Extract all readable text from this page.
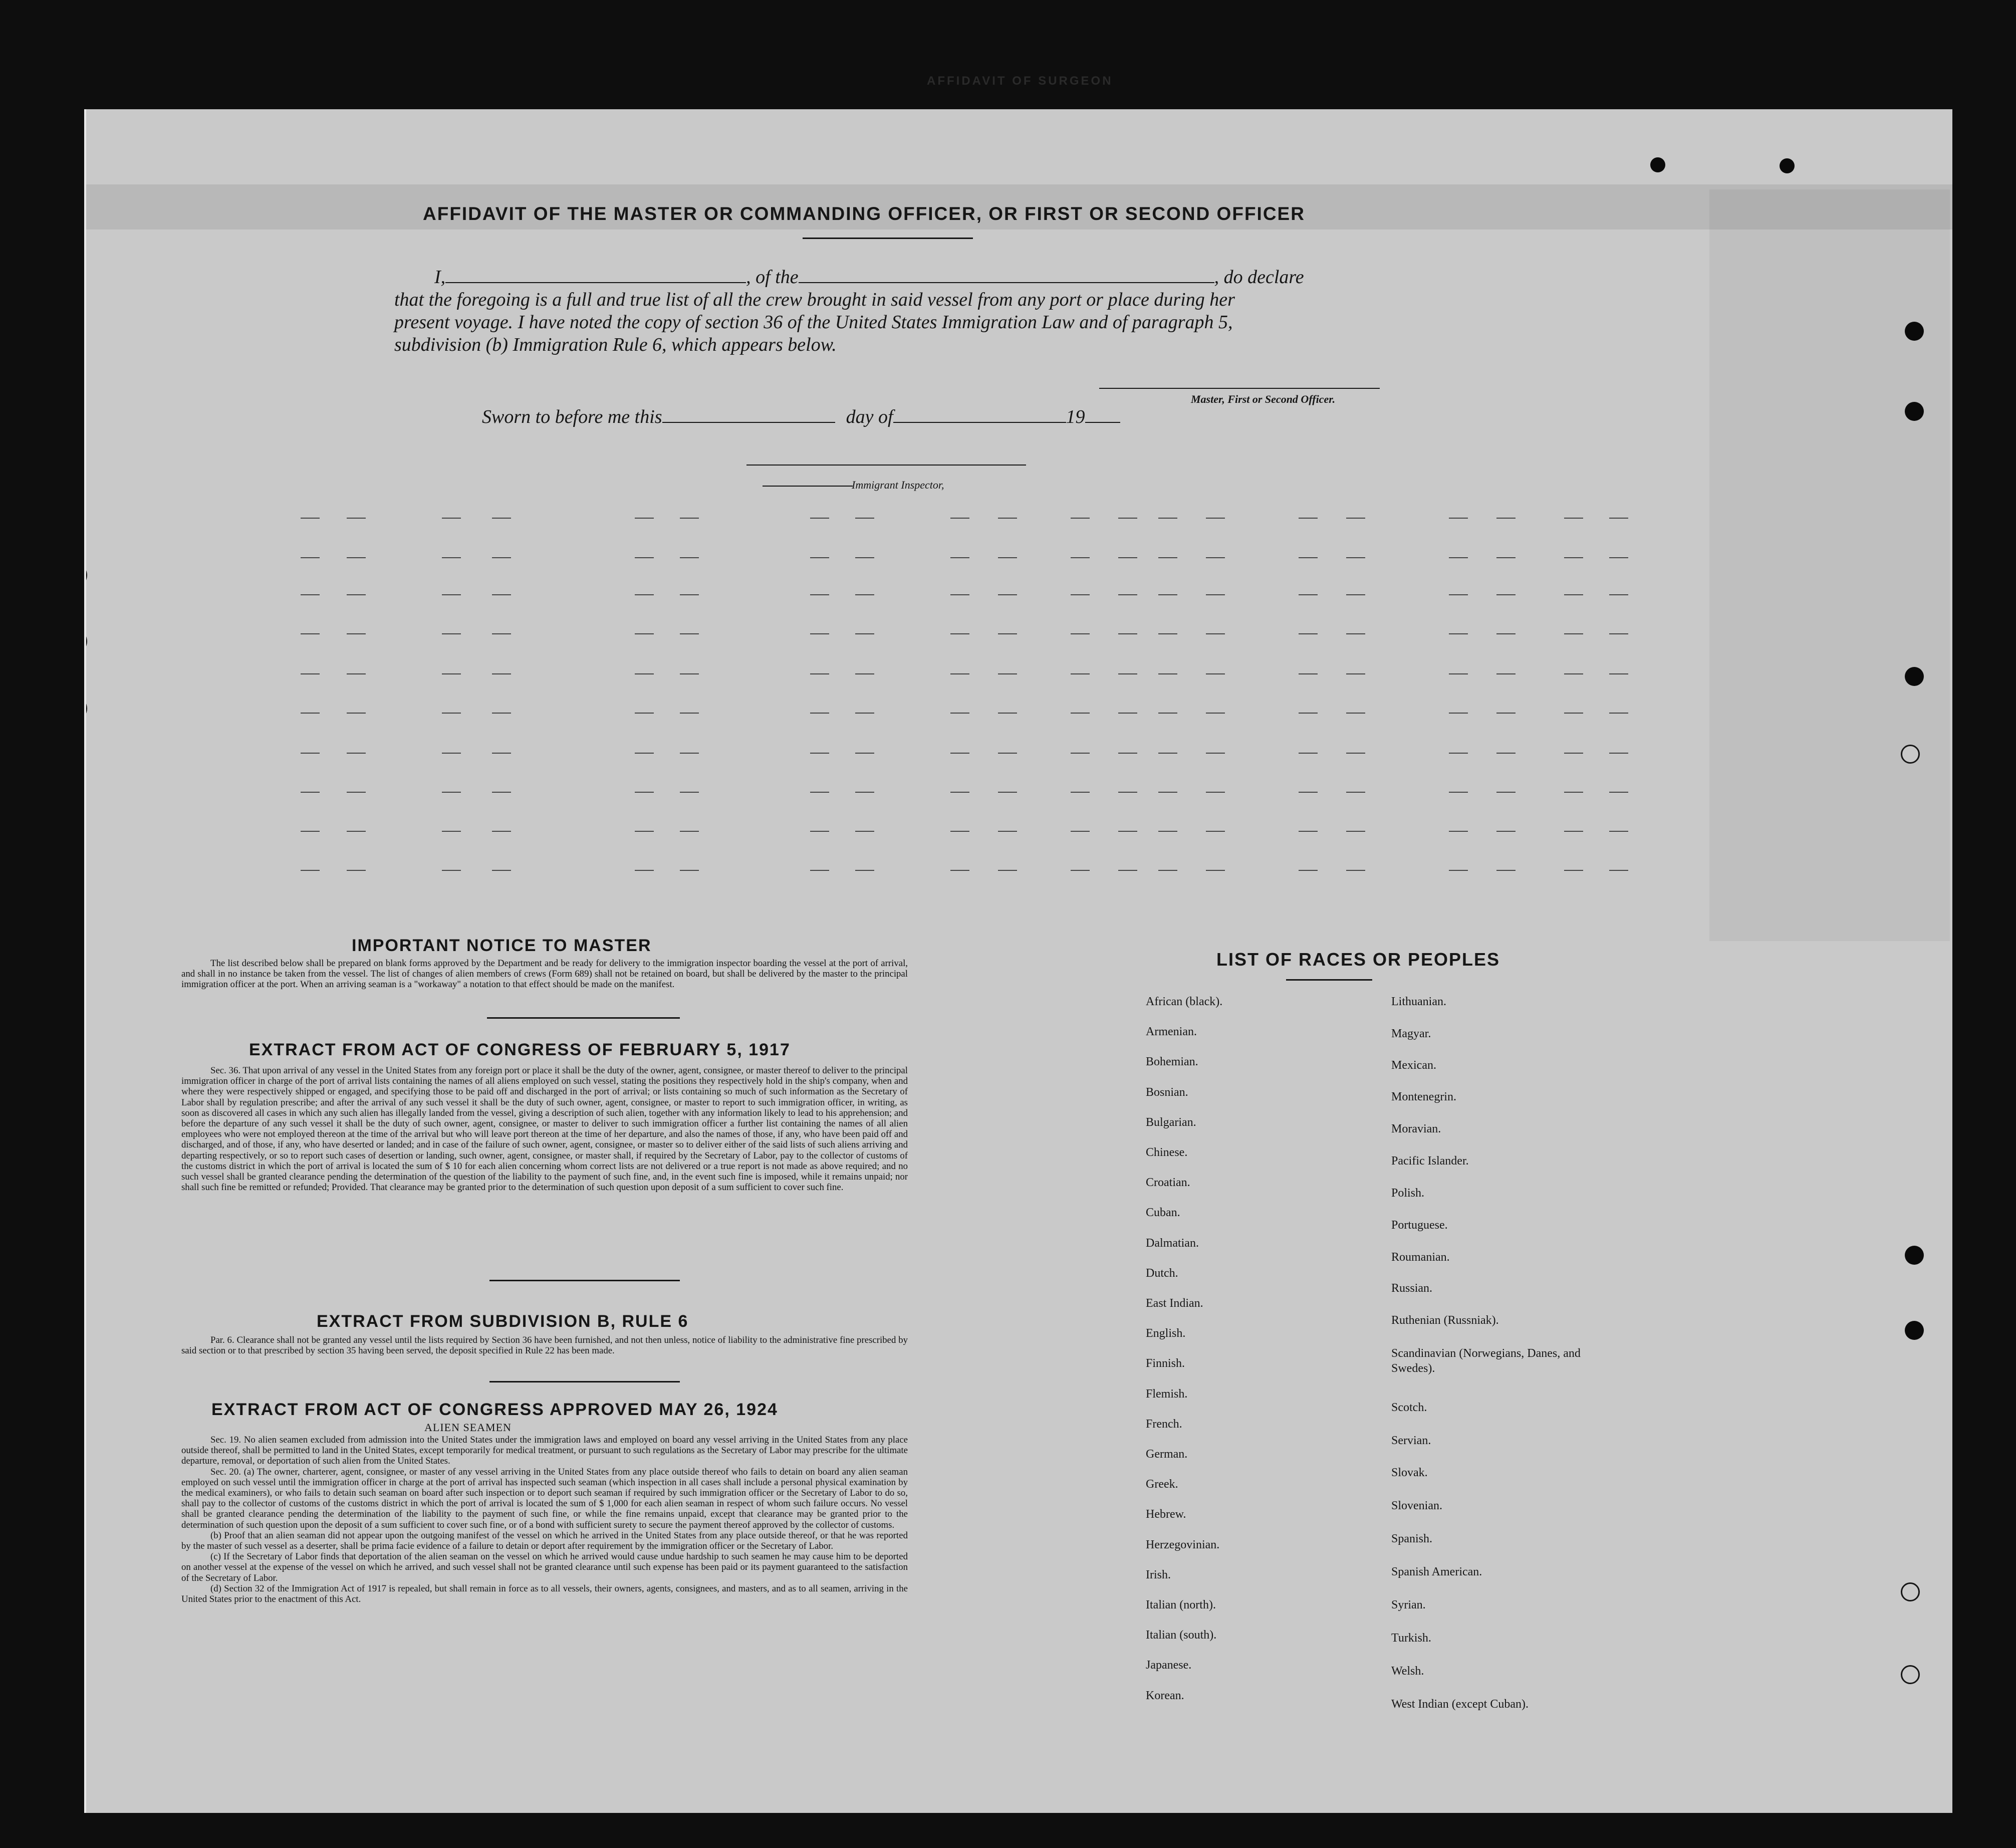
AFFIDAVIT OF SURGEON
AFFIDAVIT OF THE MASTER OR COMMANDING OFFICER, OR FIRST OR SECOND OFFICER
I,	, of the	, do declare
that the foregoing is a full and true list of all the crew brought in said vessel from any port or place during her
present voyage. I have noted the copy of section 36 of the United States Immigration Law and of paragraph 5,
subdivision (b) Immigration Rule 6, which appears below.
Master, First or Second Officer.
Sworn to before me this	day of	19
Immigrant Inspector,
IMPORTANT NOTICE TO MASTER
The list described below shall be prepared on blank forms approved by the Department and be ready for delivery to the immigration inspector boarding the vessel at the port of arrival, and shall in no instance be taken from the vessel. The list of changes of alien members of crews (Form 689) shall not be retained on board, but shall be delivered by the master to the principal immigration officer at the port. When an arriving seaman is a "workaway" a notation to that effect should be made on the manifest.
EXTRACT FROM ACT OF CONGRESS OF FEBRUARY 5, 1917
Sec. 36. That upon arrival of any vessel in the United States from any foreign port or place it shall be the duty of the owner, agent, consignee, or master thereof to deliver to the principal immigration officer in charge of the port of arrival lists containing the names of all aliens employed on such vessel, stating the positions they respectively hold in the ship's company, when and where they were respectively shipped or engaged, and specifying those to be paid off and discharged in the port of arrival; or lists containing so much of such information as the Secretary of Labor shall by regulation prescribe; and after the arrival of any such vessel it shall be the duty of such owner, agent, consignee, or master to report to such immigration officer, in writing, as soon as discovered all cases in which any such alien has illegally landed from the vessel, giving a description of such alien, together with any information likely to lead to his apprehension; and before the departure of any such vessel it shall be the duty of such owner, agent, consignee, or master to deliver to such immigration officer a further list containing the names of all alien employees who were not employed thereon at the time of the arrival but who will leave port thereon at the time of her departure, and also the names of those, if any, who have been paid off and discharged, and of those, if any, who have deserted or landed; and in case of the failure of such owner, agent, consignee, or master so to deliver either of the said lists of such aliens arriving and departing respectively, or so to report such cases of desertion or landing, such owner, agent, consignee, or master shall, if required by the Secretary of Labor, pay to the collector of customs of the customs district in which the port of arrival is located the sum of $ 10 for each alien concerning whom correct lists are not delivered or a true report is not made as above required; and no such vessel shall be granted clearance pending the determination of the question of the liability to the payment of such fine, and, in the event such fine is imposed, while it remains unpaid; nor shall such fine be remitted or refunded; Provided. That clearance may be granted prior to the determination of such question upon deposit of a sum sufficient to cover such fine.
EXTRACT FROM SUBDIVISION B, RULE 6
Par. 6. Clearance shall not be granted any vessel until the lists required by Section 36 have been furnished, and not then unless, notice of liability to the administrative fine prescribed by said section or to that prescribed by section 35 having been served, the deposit specified in Rule 22 has been made.
EXTRACT FROM ACT OF CONGRESS APPROVED MAY 26, 1924
ALIEN SEAMEN
Sec. 19. No alien seamen excluded from admission into the United States under the immigration laws and employed on board any vessel arriving in the United States from any place outside thereof, shall be permitted to land in the United States, except temporarily for medical treatment, or pursuant to such regulations as the Secretary of Labor may prescribe for the ultimate departure, removal, or deportation of such alien from the United States.
Sec. 20. (a) The owner, charterer, agent, consignee, or master of any vessel arriving in the United States from any place outside thereof who fails to detain on board any alien seaman employed on such vessel until the immigration officer in charge at the port of arrival has inspected such seaman (which inspection in all cases shall include a personal physical examination by the medical examiners), or who fails to detain such seaman on board after such inspection or to deport such seaman if required by such immigration officer or the Secretary of Labor to do so, shall pay to the collector of customs of the customs district in which the port of arrival is located the sum of $ 1,000 for each alien seaman in respect of whom such failure occurs. No vessel shall be granted clearance pending the determination of the liability to the payment of such fine, or while the fine remains unpaid, except that clearance may be granted prior to the determination of such question upon the deposit of a sum sufficient to cover such fine, or of a bond with sufficient surety to secure the payment thereof approved by the collector of customs.
(b) Proof that an alien seaman did not appear upon the outgoing manifest of the vessel on which he arrived in the United States from any place outside thereof, or that he was reported by the master of such vessel as a deserter, shall be prima facie evidence of a failure to detain or deport after requirement by the immigration officer or the Secretary of Labor.
(c) If the Secretary of Labor finds that deportation of the alien seaman on the vessel on which he arrived would cause undue hardship to such seamen he may cause him to be deported on another vessel at the expense of the vessel on which he arrived, and such vessel shall not be granted clearance until such expense has been paid or its payment guaranteed to the satisfaction of the Secretary of Labor.
(d) Section 32 of the Immigration Act of 1917 is repealed, but shall remain in force as to all vessels, their owners, agents, consignees, and masters, and as to all seamen, arriving in the United States prior to the enactment of this Act.
LIST OF RACES OR PEOPLES
African (black).
Armenian.
Bohemian.
Bosnian.
Bulgarian.
Chinese.
Croatian.
Cuban.
Dalmatian.
Dutch.
East Indian.
English.
Finnish.
Flemish.
French.
German.
Greek.
Hebrew.
Herzegovinian.
Irish.
Italian (north).
Italian (south).
Japanese.
Korean.
Lithuanian.
Magyar.
Mexican.
Montenegrin.
Moravian.
Pacific Islander.
Polish.
Portuguese.
Roumanian.
Russian.
Ruthenian (Russniak).
Scandinavian (Norwegians, Danes, and Swedes).
Scotch.
Servian.
Slovak.
Slovenian.
Spanish.
Spanish American.
Syrian.
Turkish.
Welsh.
West Indian (except Cuban).
